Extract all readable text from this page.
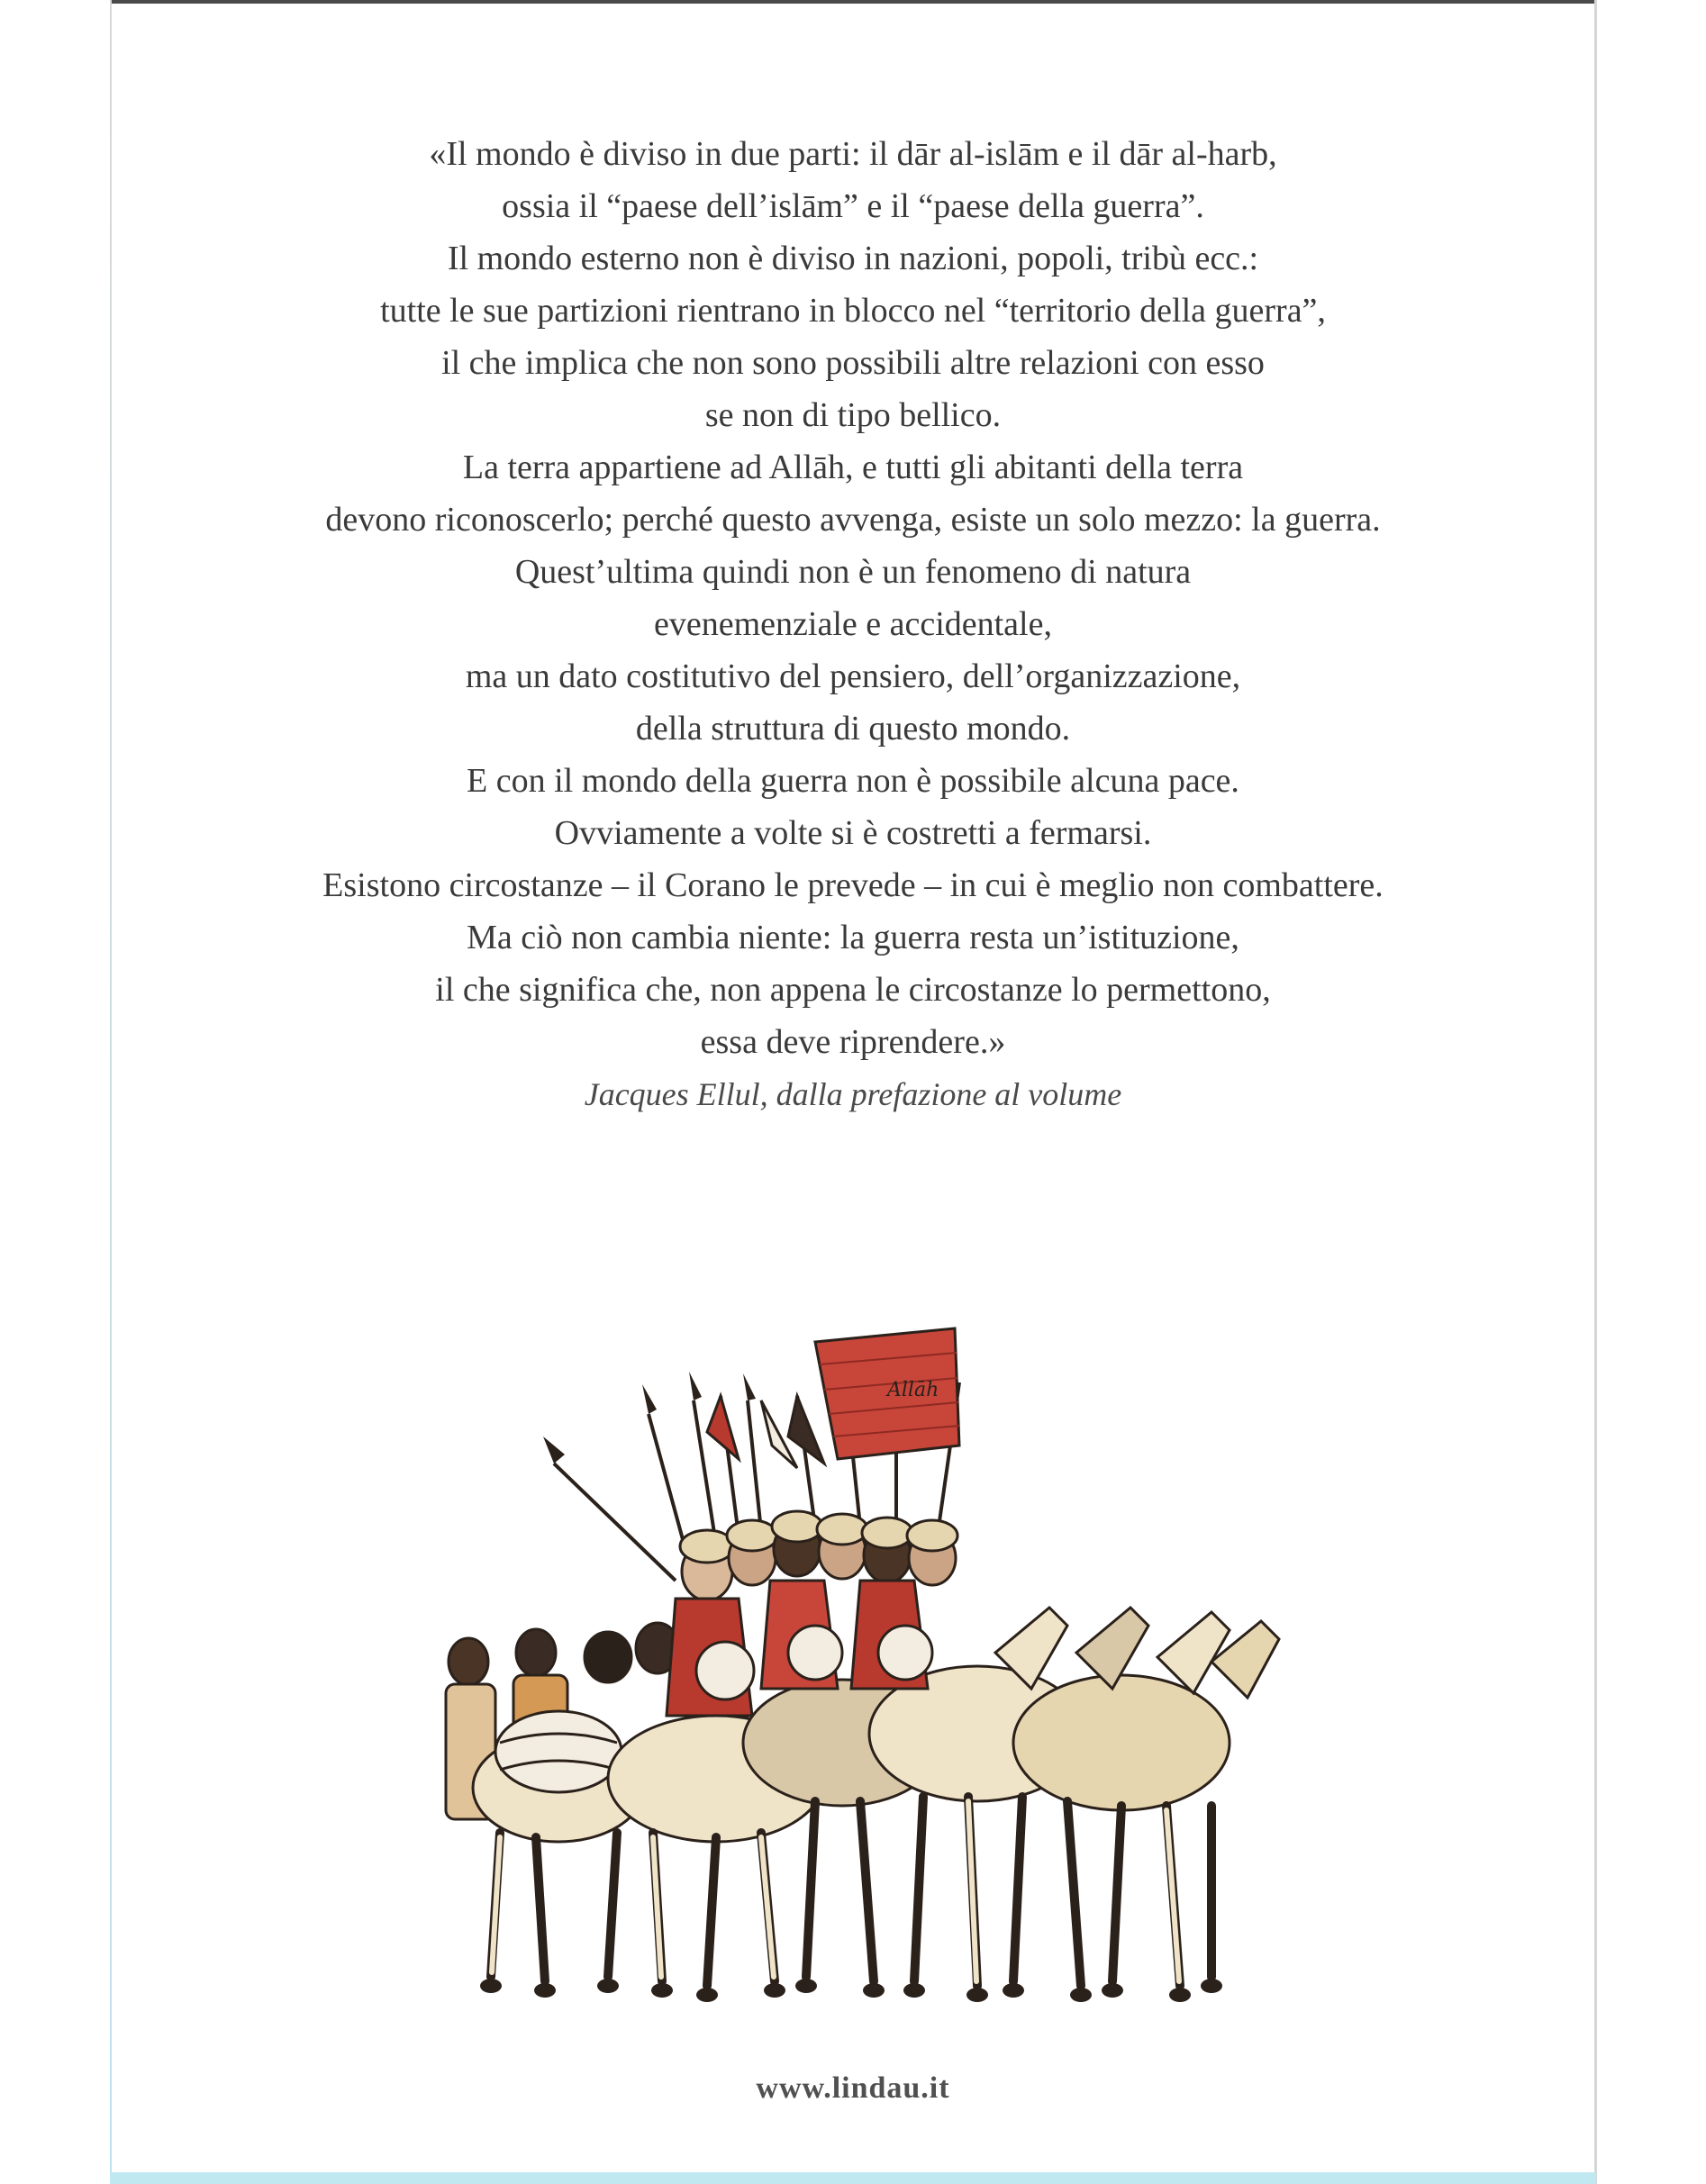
«Il mondo è diviso in due parti: il dār al-islām e il dār al-harb,
ossia il “paese dell’islām” e il “paese della guerra”.
Il mondo esterno non è diviso in nazioni, popoli, tribù ecc.:
tutte le sue partizioni rientrano in blocco nel “territorio della guerra”,
il che implica che non sono possibili altre relazioni con esso
se non di tipo bellico.
La terra appartiene ad Allāh, e tutti gli abitanti della terra
devono riconoscerlo; perché questo avvenga, esiste un solo mezzo: la guerra.
Quest’ultima quindi non è un fenomeno di natura
evenemenziale e accidentale,
ma un dato costitutivo del pensiero, dell’organizzazione,
della struttura di questo mondo.
E con il mondo della guerra non è possibile alcuna pace.
Ovviamente a volte si è costretti a fermarsi.
Esistono circostanze – il Corano le prevede – in cui è meglio non combattere.
Ma ciò non cambia niente: la guerra resta un’istituzione,
il che significa che, non appena le circostanze lo permettono,
essa deve riprendere.»
Jacques Ellul, dalla prefazione al volume
Allāh
www.lindau.it
